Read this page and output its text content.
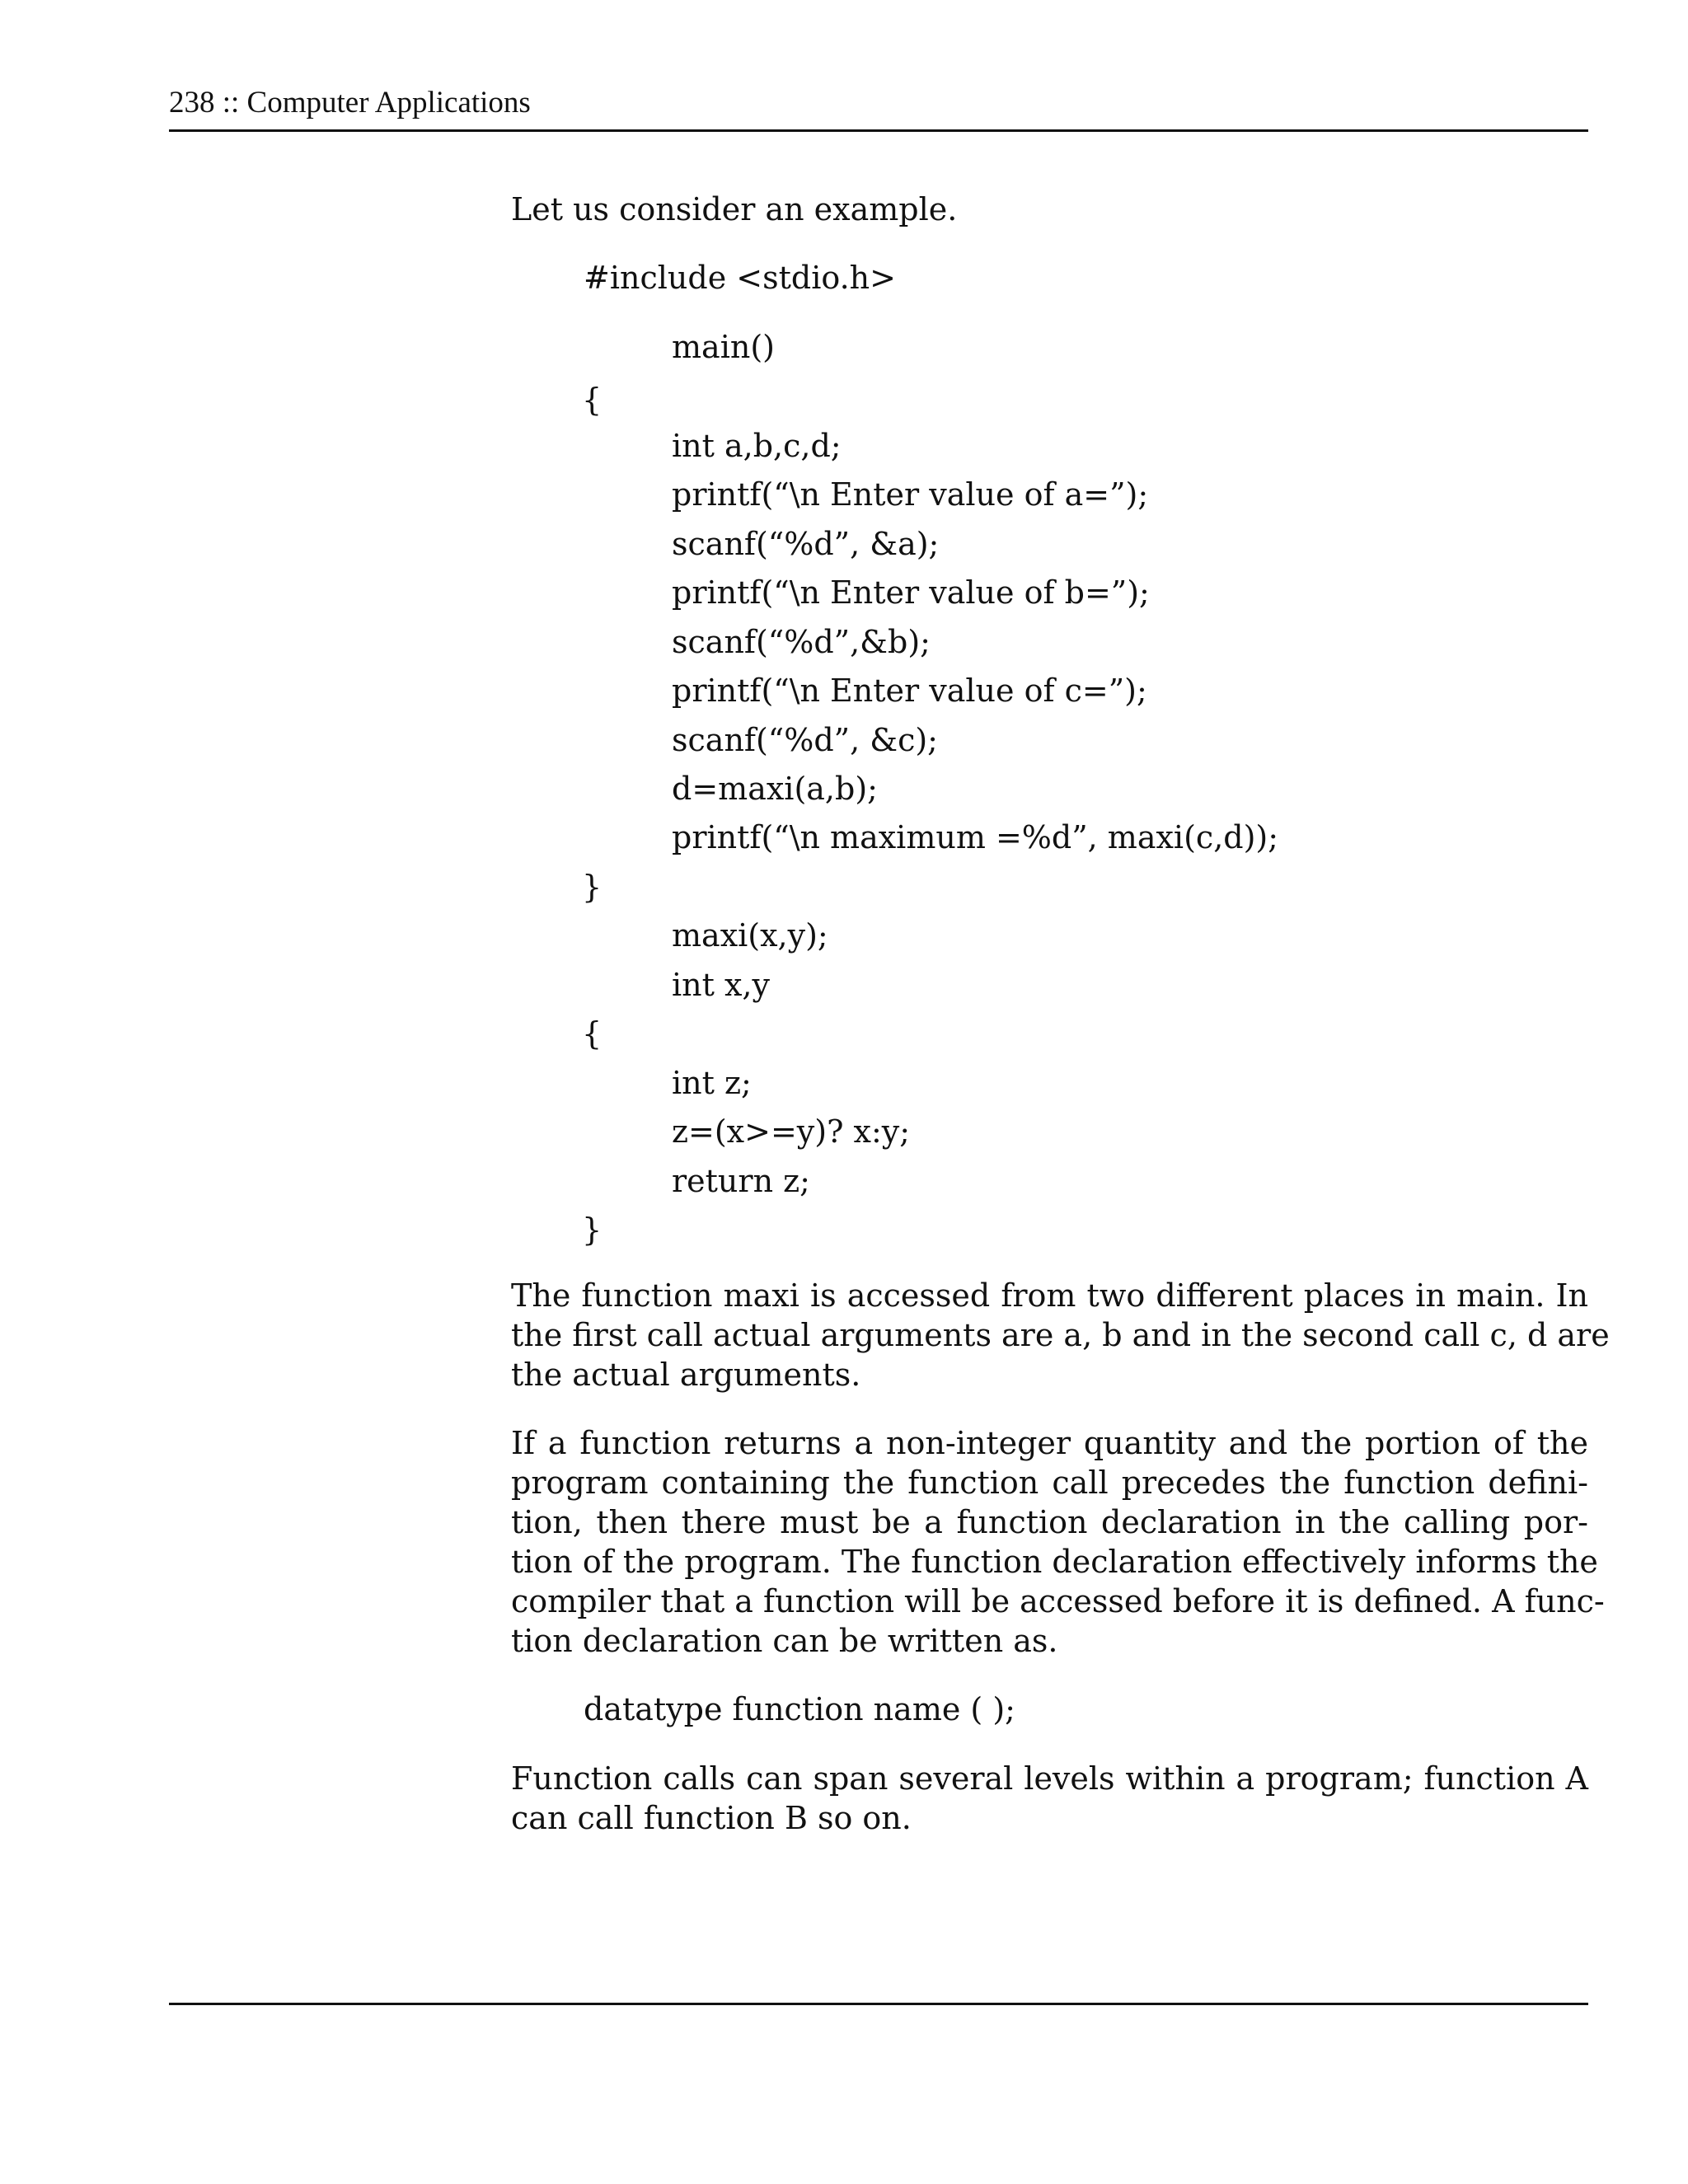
238 :: Computer Applications
Let us consider an example.
#include <stdio.h>
main()
{
int a,b,c,d;
printf(“\n Enter value of a=”);
scanf(“%d”, &a);
printf(“\n Enter value of b=”);
scanf(“%d”,&b);
printf(“\n Enter value of c=”);
scanf(“%d”, &c);
d=maxi(a,b);
printf(“\n maximum =%d”, maxi(c,d));
}
maxi(x,y);
int x,y
{
int z;
z=(x>=y)? x:y;
return z;
}
The function maxi is accessed from two different places in main. In
the first call actual arguments are a, b and in the second call c, d are
the actual arguments.
If a function returns a non-integer quantity and the portion of the
program containing the function call precedes the function defini-
tion, then there must be a function declaration in the calling por-
tion of the program. The function declaration effectively informs the
compiler that a function will be accessed before it is defined. A func-
tion declaration can be written as.
datatype function name ( );
Function calls can span several levels within a program; function A
can call function B so on.
